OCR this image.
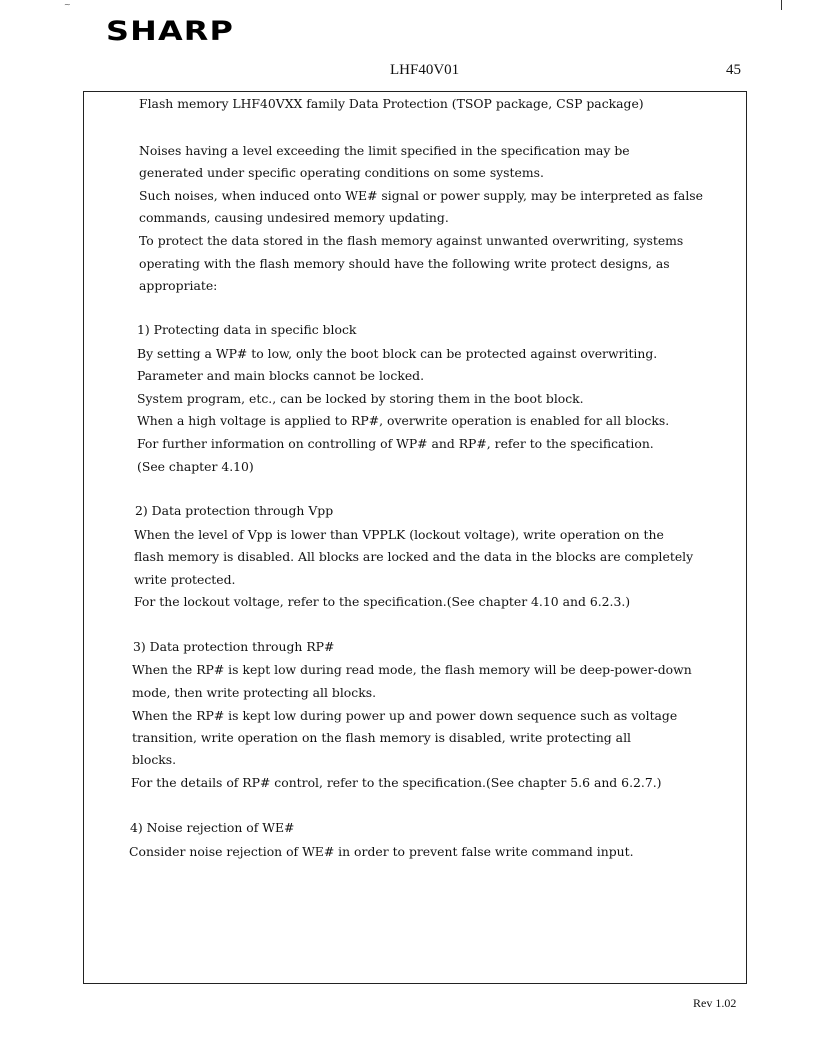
~
SHARP
LHF40V01	45
Flash memory LHF40VXX family Data Protection (TSOP package, CSP package)
Noises having a level exceeding the limit specified in the specification may be
generated under specific operating conditions on some systems.
Such noises, when induced onto WE# signal or power supply, may be interpreted as false
commands, causing undesired memory updating.
To protect the data stored in the flash memory against unwanted overwriting, systems
operating with the flash memory should have the following write protect designs, as
appropriate:
1) Protecting data in specific block
By setting a WP# to low, only the boot block can be protected against overwriting.
Parameter and main blocks cannot be locked.
System program, etc., can be locked by storing them in the boot block.
When a high voltage is applied to RP#, overwrite operation is enabled for all blocks.
For further information on controlling of WP# and RP#, refer to the specification.
(See chapter 4.10)
2) Data protection through Vpp
When the level of Vpp is lower than VPPLK (lockout voltage), write operation on the
flash memory is disabled. All blocks are locked and the data in the blocks are completely
write protected.
For the lockout voltage, refer to the specification.(See chapter 4.10 and 6.2.3.)
3) Data protection through RP#
When the RP# is kept low during read mode, the flash memory will be deep-power-down
mode, then write protecting all blocks.
When the RP# is kept low during power up and power down sequence such as voltage
transition, write operation on the flash memory is disabled, write protecting all
blocks.
For the details of RP# control, refer to the specification.(See chapter 5.6 and 6.2.7.)
4) Noise rejection of WE#
Consider noise rejection of WE# in order to prevent false write command input.
Rev 1.02
